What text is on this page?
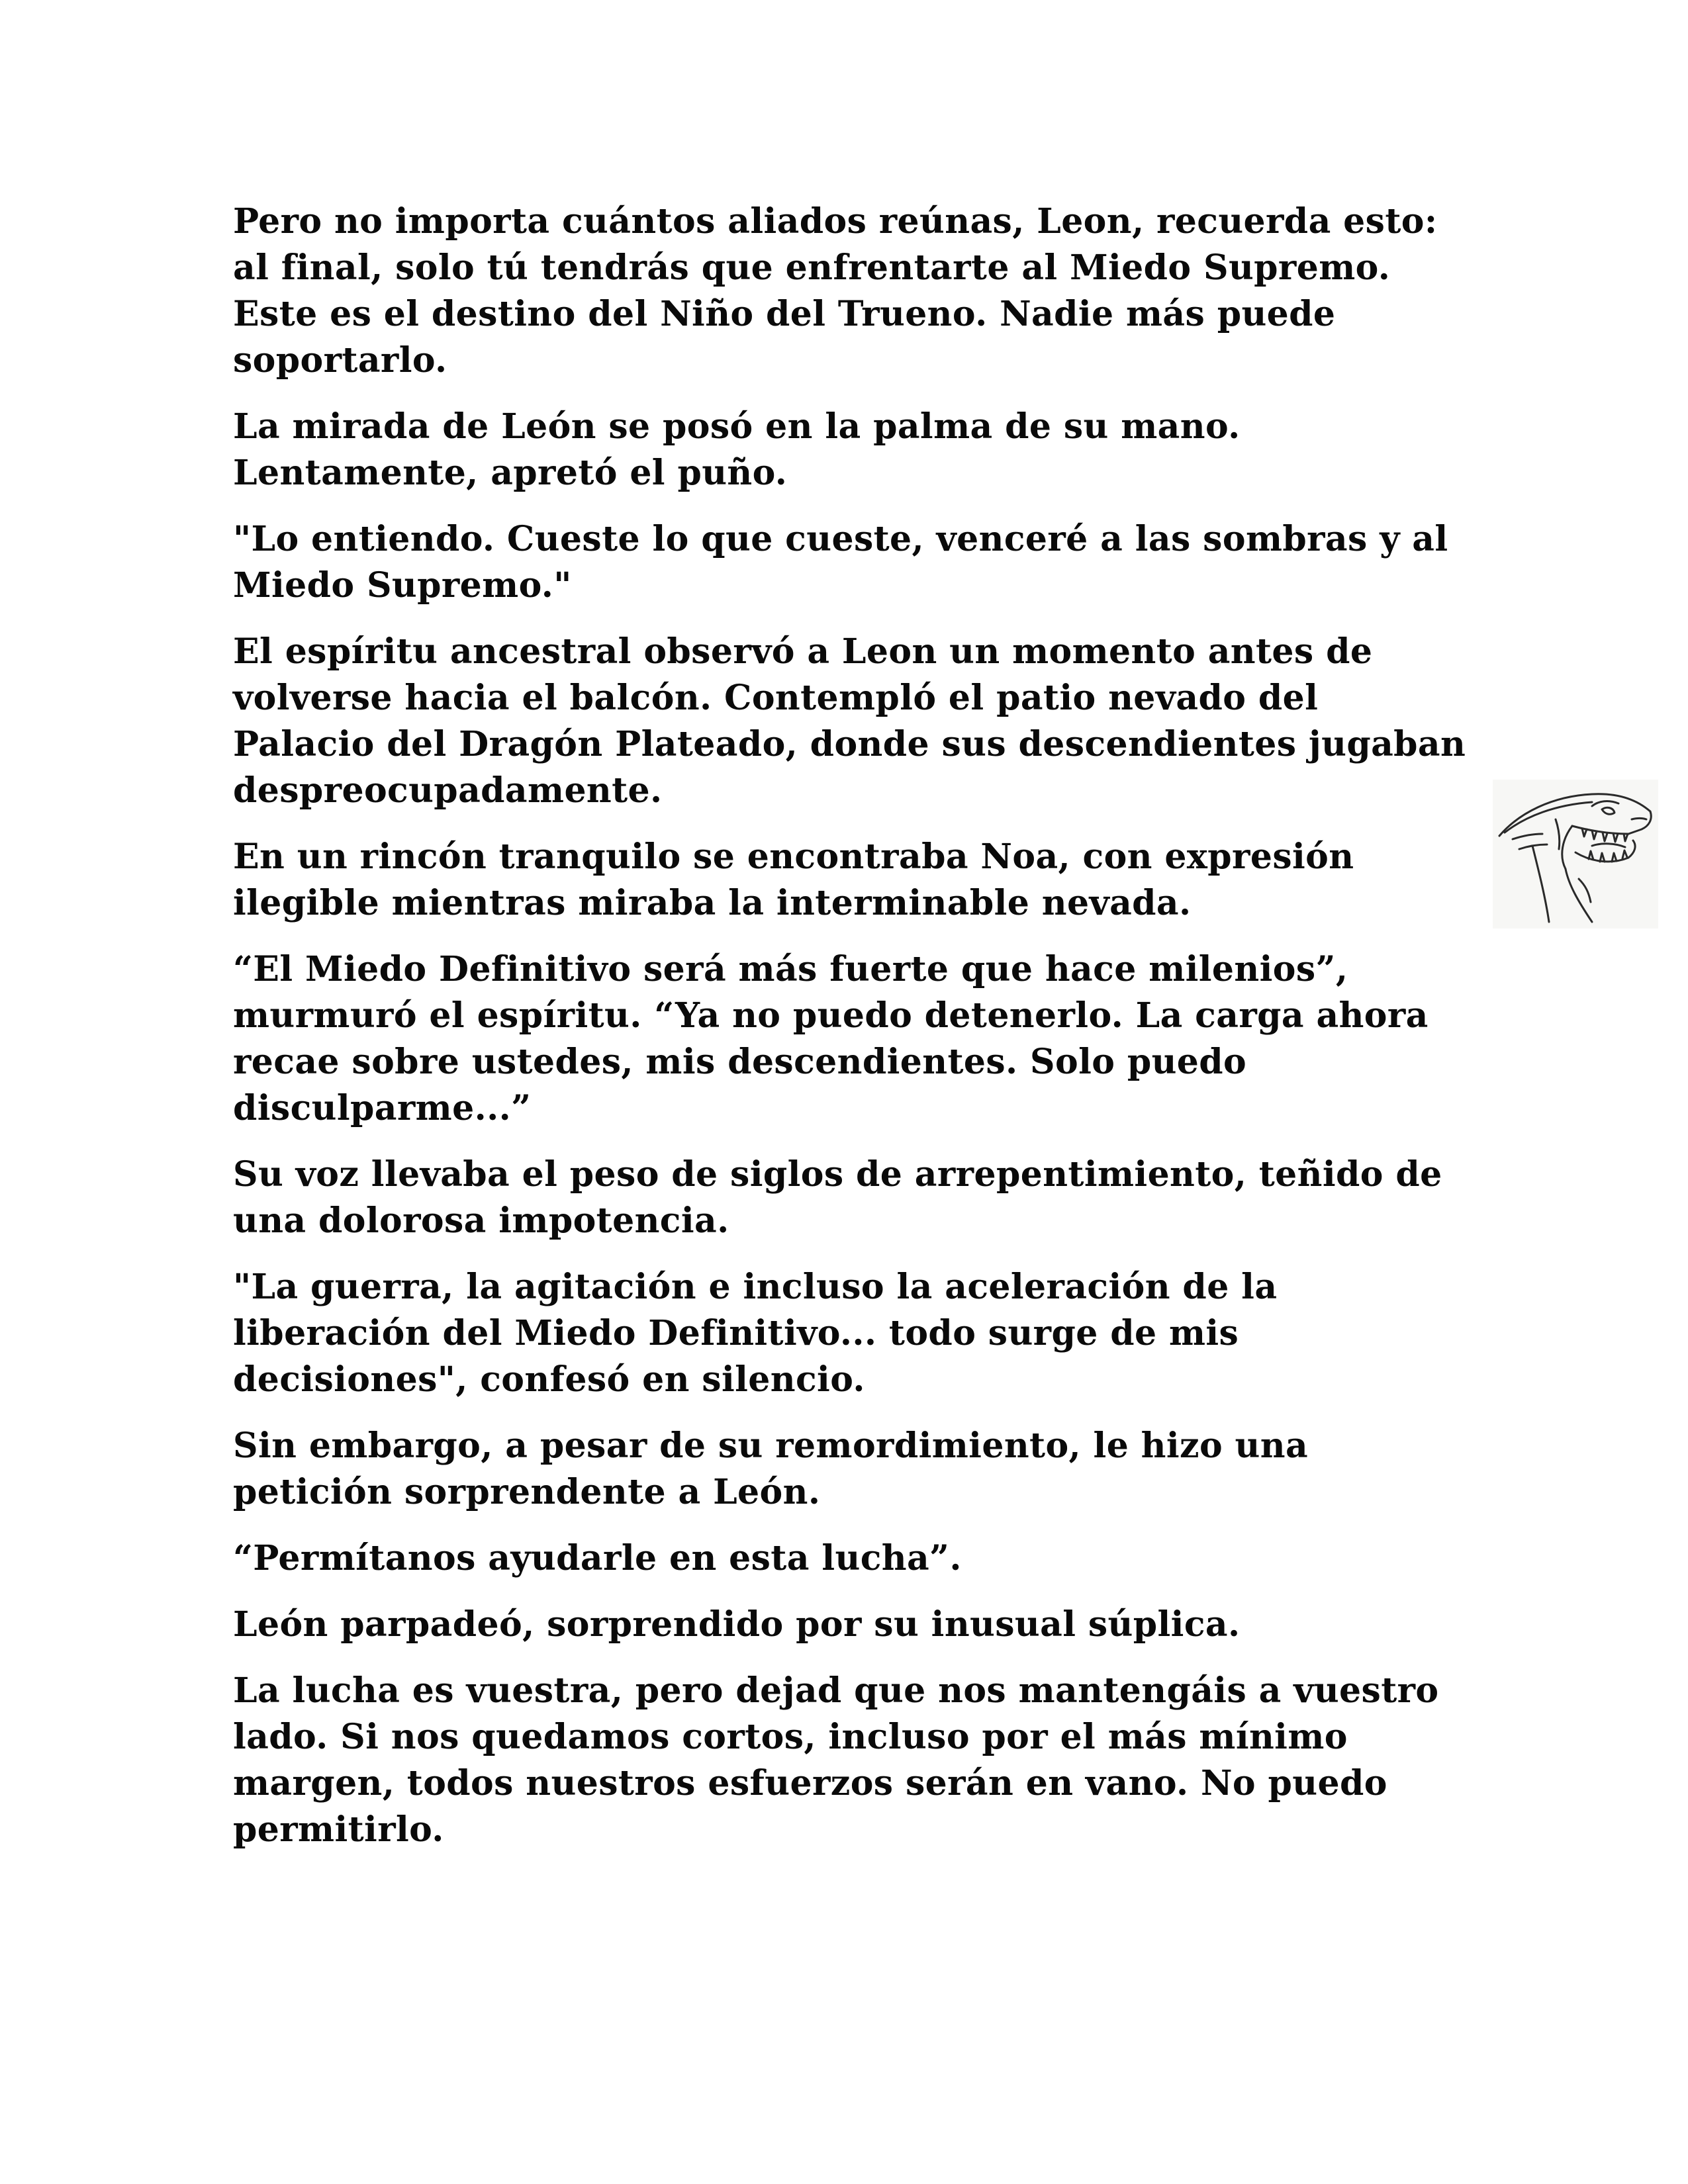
Pero no importa cuántos aliados reúnas, Leon, recuerda esto:
al final, solo tú tendrás que enfrentarte al Miedo Supremo.
Este es el destino del Niño del Trueno. Nadie más puede
soportarlo.

La mirada de León se posó en la palma de su mano.
Lentamente, apretó el puño.

"Lo entiendo. Cueste lo que cueste, venceré a las sombras y al
Miedo Supremo."

El espíritu ancestral observó a Leon un momento antes de
volverse hacia el balcón. Contempló el patio nevado del
Palacio del Dragón Plateado, donde sus descendientes jugaban
despreocupadamente.

En un rincón tranquilo se encontraba Noa, con expresión
ilegible mientras miraba la interminable nevada.

“El Miedo Definitivo será más fuerte que hace milenios”,
murmuró el espíritu. “Ya no puedo detenerlo. La carga ahora
recae sobre ustedes, mis descendientes. Solo puedo
disculparme...”

Su voz llevaba el peso de siglos de arrepentimiento, teñido de
una dolorosa impotencia.

"La guerra, la agitación e incluso la aceleración de la
liberación del Miedo Definitivo... todo surge de mis
decisiones", confesó en silencio.

Sin embargo, a pesar de su remordimiento, le hizo una
petición sorprendente a León.

“Permítanos ayudarle en esta lucha”.

León parpadeó, sorprendido por su inusual súplica.

La lucha es vuestra, pero dejad que nos mantengáis a vuestro
lado. Si nos quedamos cortos, incluso por el más mínimo
margen, todos nuestros esfuerzos serán en vano. No puedo
permitirlo.
